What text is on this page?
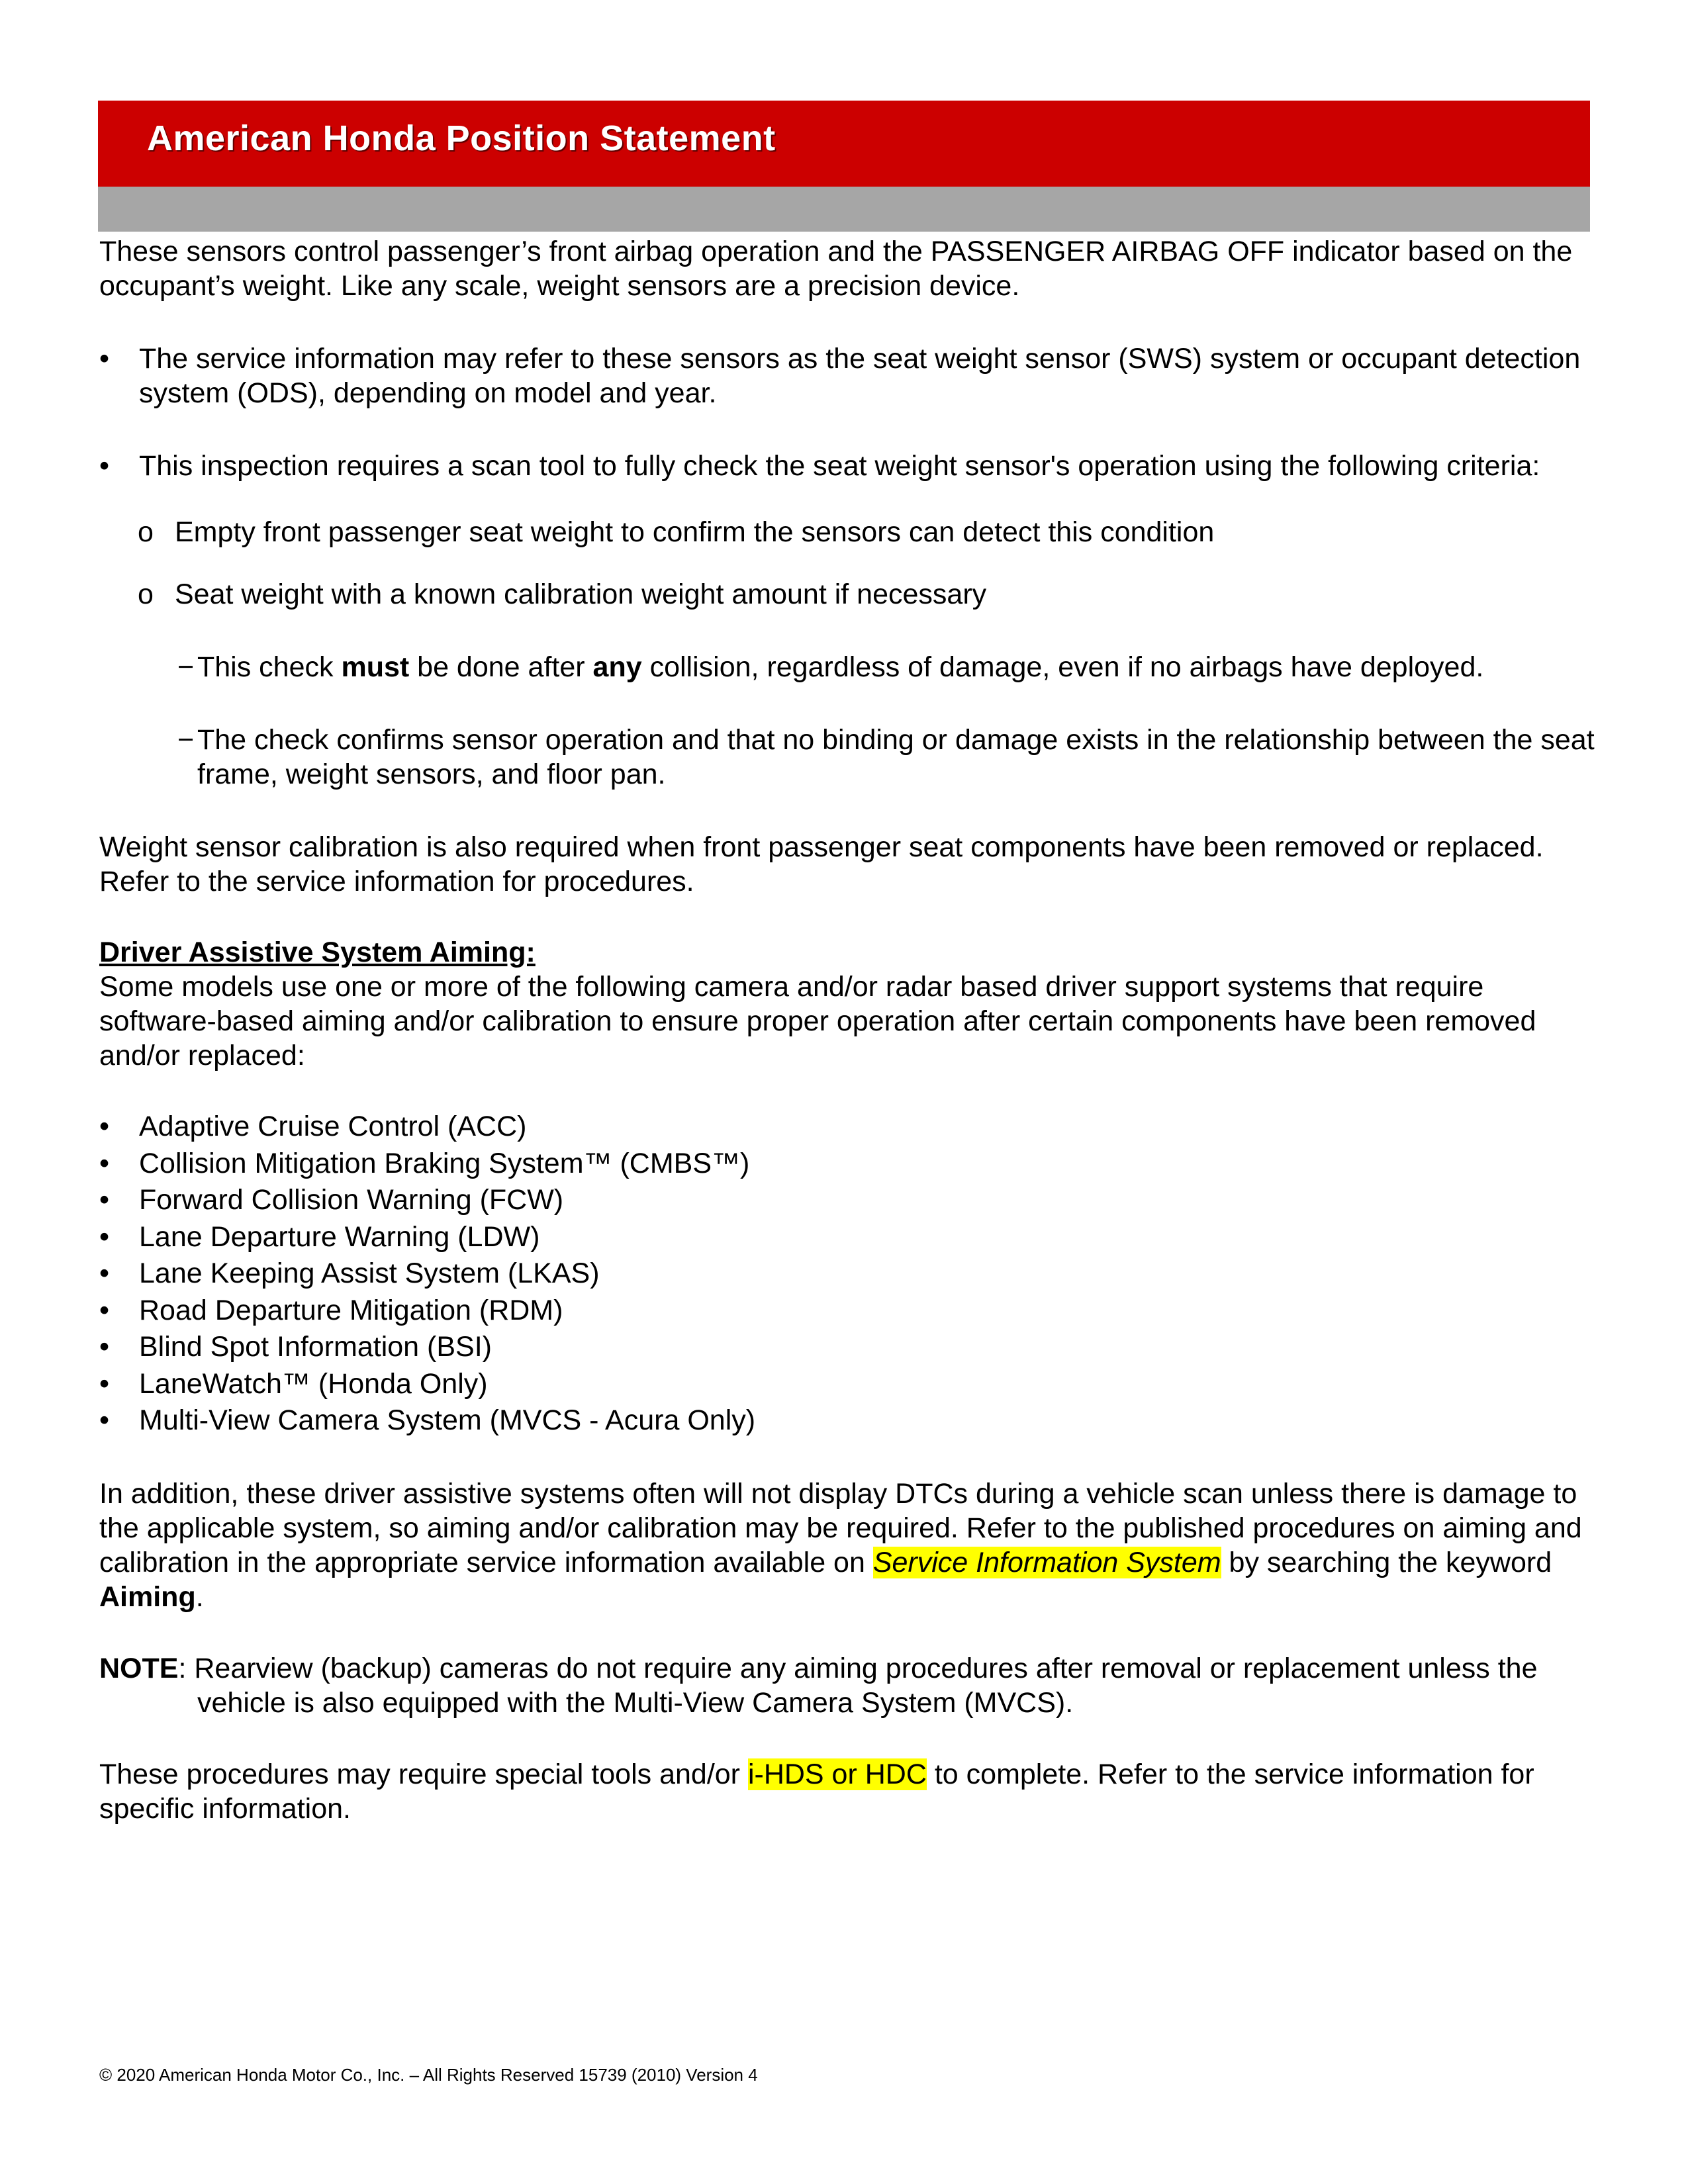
American Honda Position Statement

These sensors control passenger’s front airbag operation and the PASSENGER AIRBAG OFF indicator based on the occupant’s weight. Like any scale, weight sensors are a precision device.

•	The service information may refer to these sensors as the seat weight sensor (SWS) system or occupant detection system (ODS), depending on model and year.
•	This inspection requires a scan tool to fully check the seat weight sensor's operation using the following criteria:
o Empty front passenger seat weight to confirm the sensors can detect this condition
o Seat weight with a known calibration weight amount if necessary
− This check must be done after any collision, regardless of damage, even if no airbags have deployed.
− The check confirms sensor operation and that no binding or damage exists in the relationship between the seat frame, weight sensors, and floor pan.

Weight sensor calibration is also required when front passenger seat components have been removed or replaced. Refer to the service information for procedures.

Driver Assistive System Aiming:

Some models use one or more of the following camera and/or radar based driver support systems that require software-based aiming and/or calibration to ensure proper operation after certain components have been removed and/or replaced:

•	Adaptive Cruise Control (ACC)
•	Collision Mitigation Braking System™ (CMBS™)
•	Forward Collision Warning (FCW)
•	Lane Departure Warning (LDW)
•	Lane Keeping Assist System (LKAS)
•	Road Departure Mitigation (RDM)
•	Blind Spot Information (BSI)
•	LaneWatch™ (Honda Only)
•	Multi-View Camera System (MVCS - Acura Only)

In addition, these driver assistive systems often will not display DTCs during a vehicle scan unless there is damage to the applicable system, so aiming and/or calibration may be required. Refer to the published procedures on aiming and calibration in the appropriate service information available on Service Information System by searching the keyword Aiming.

NOTE: Rearview (backup) cameras do not require any aiming procedures after removal or replacement unless the vehicle is also equipped with the Multi-View Camera System (MVCS).

These procedures may require special tools and/or i-HDS or HDC to complete. Refer to the service information for specific information.

© 2020 American Honda Motor Co., Inc. – All Rights Reserved 15739 (2010) Version 4
